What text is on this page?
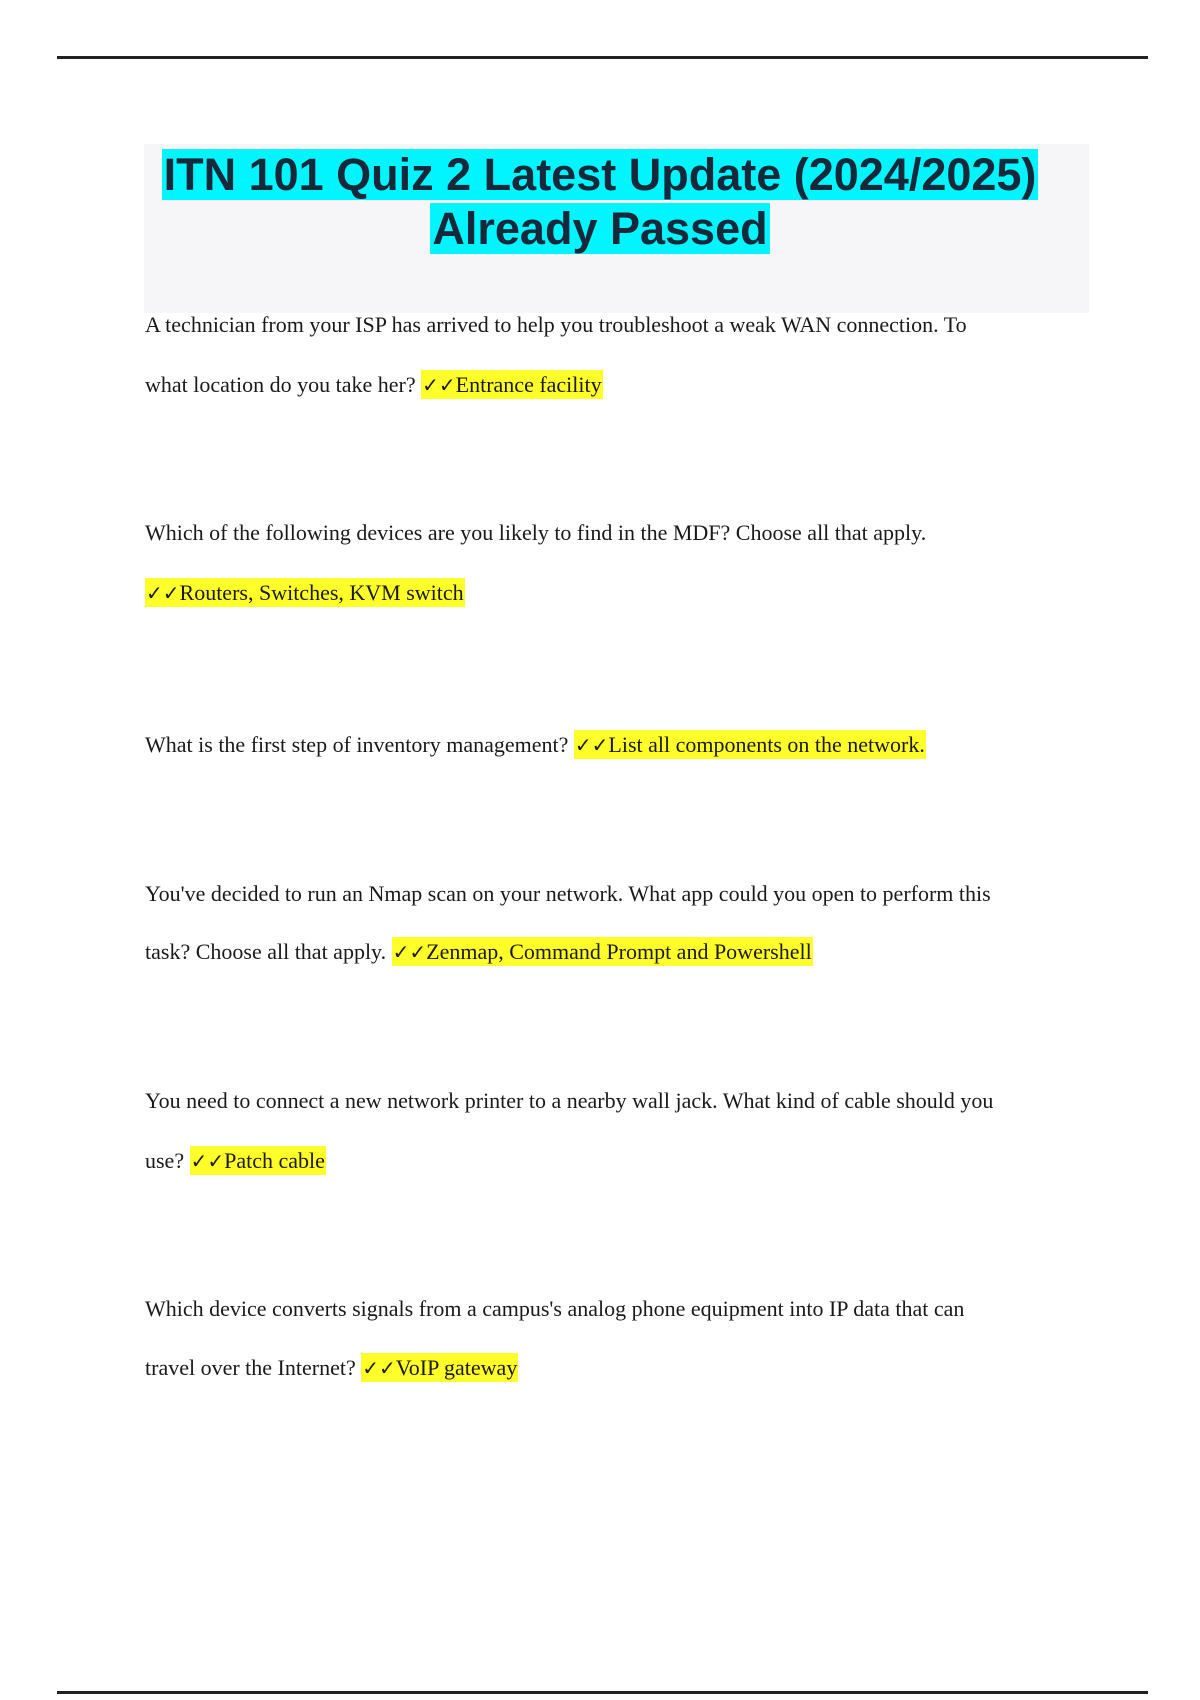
ITN 101 Quiz 2 Latest Update (2024/2025)
Already Passed
A technician from your ISP has arrived to help you troubleshoot a weak WAN connection. To
what location do you take her? ✓✓Entrance facility
Which of the following devices are you likely to find in the MDF? Choose all that apply.
✓✓Routers, Switches, KVM switch
What is the first step of inventory management? ✓✓List all components on the network.
You've decided to run an Nmap scan on your network. What app could you open to perform this
task? Choose all that apply. ✓✓Zenmap, Command Prompt and Powershell
You need to connect a new network printer to a nearby wall jack. What kind of cable should you
use? ✓✓Patch cable
Which device converts signals from a campus's analog phone equipment into IP data that can
travel over the Internet? ✓✓VoIP gateway
